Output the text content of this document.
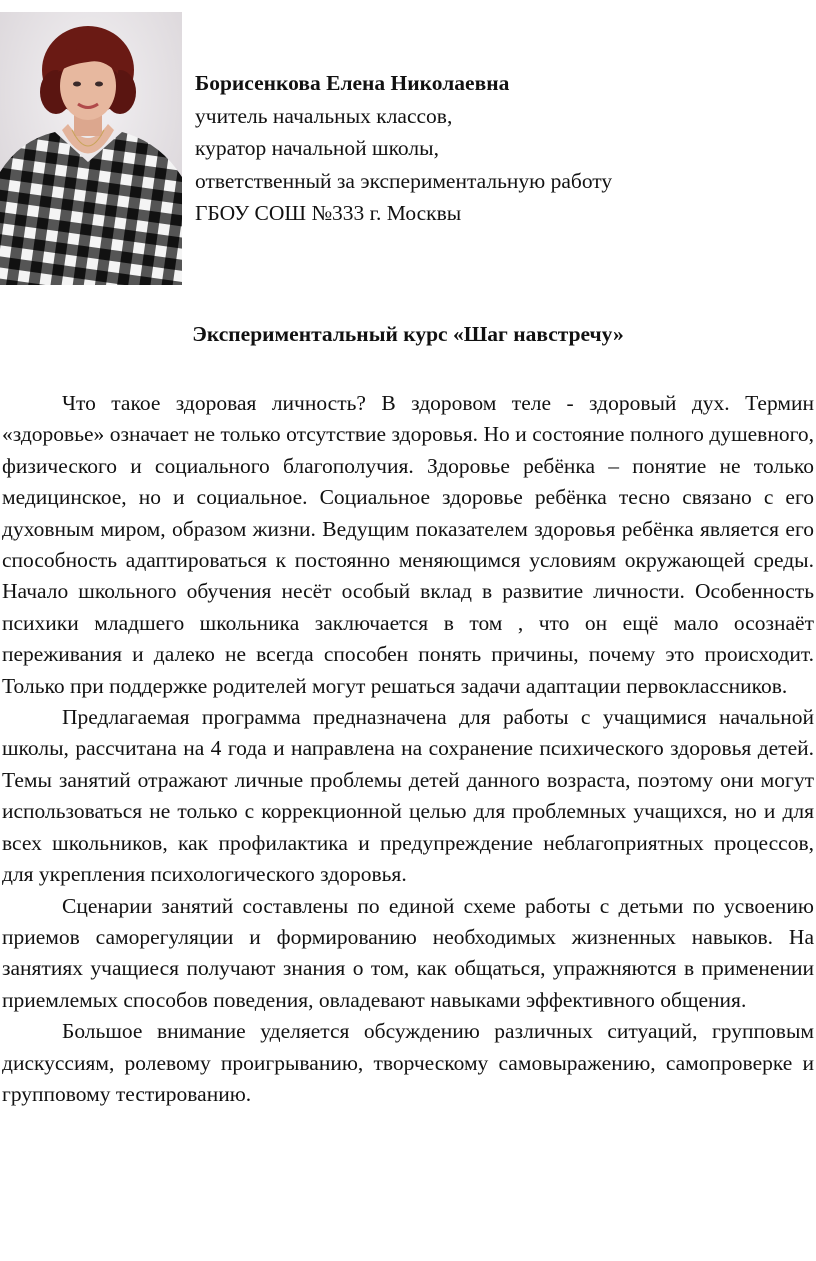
Борисенкова Елена Николаевна
учитель начальных классов,
куратор начальной школы,
ответственный за экспериментальную работу
ГБОУ СОШ №333 г. Москвы
Экспериментальный курс «Шаг навстречу»

Что такое здоровая личность? В здоровом теле - здоровый дух. Термин «здоровье» означает не только отсутствие здоровья. Но и состояние полного душевного, физического и социального благополучия. Здоровье ребёнка – понятие не только медицинское, но и социальное. Социальное здоровье ребёнка тесно связано с его духовным миром, образом жизни. Ведущим показателем здоровья ребёнка является его способность адаптироваться к постоянно меняющимся условиям окружающей среды. Начало школьного обучения несёт особый вклад в развитие личности. Особенность психики младшего школьника заключается в том , что он ещё мало осознаёт переживания и далеко не всегда способен понять причины, почему это происходит. Только при поддержке родителей могут решаться задачи адаптации первоклассников.

Предлагаемая программа предназначена для работы с учащимися начальной школы, рассчитана на 4 года и направлена на сохранение психического здоровья детей. Темы занятий отражают личные проблемы детей данного возраста, поэтому они могут использоваться не только с коррекционной целью для проблемных учащихся, но и для всех школьников, как профилактика и предупреждение неблагоприятных процессов, для укрепления психологического здоровья.

Сценарии занятий составлены по единой схеме работы с детьми по усвоению приемов саморегуляции и формированию необходимых жизненных навыков. На занятиях учащиеся получают знания о том, как общаться, упражняются в применении приемлемых способов поведения, овладевают навыками эффективного общения.

Большое внимание уделяется обсуждению различных ситуаций, групповым дискуссиям, ролевому проигрыванию, творческому самовыражению, самопроверке и групповому тестированию.
